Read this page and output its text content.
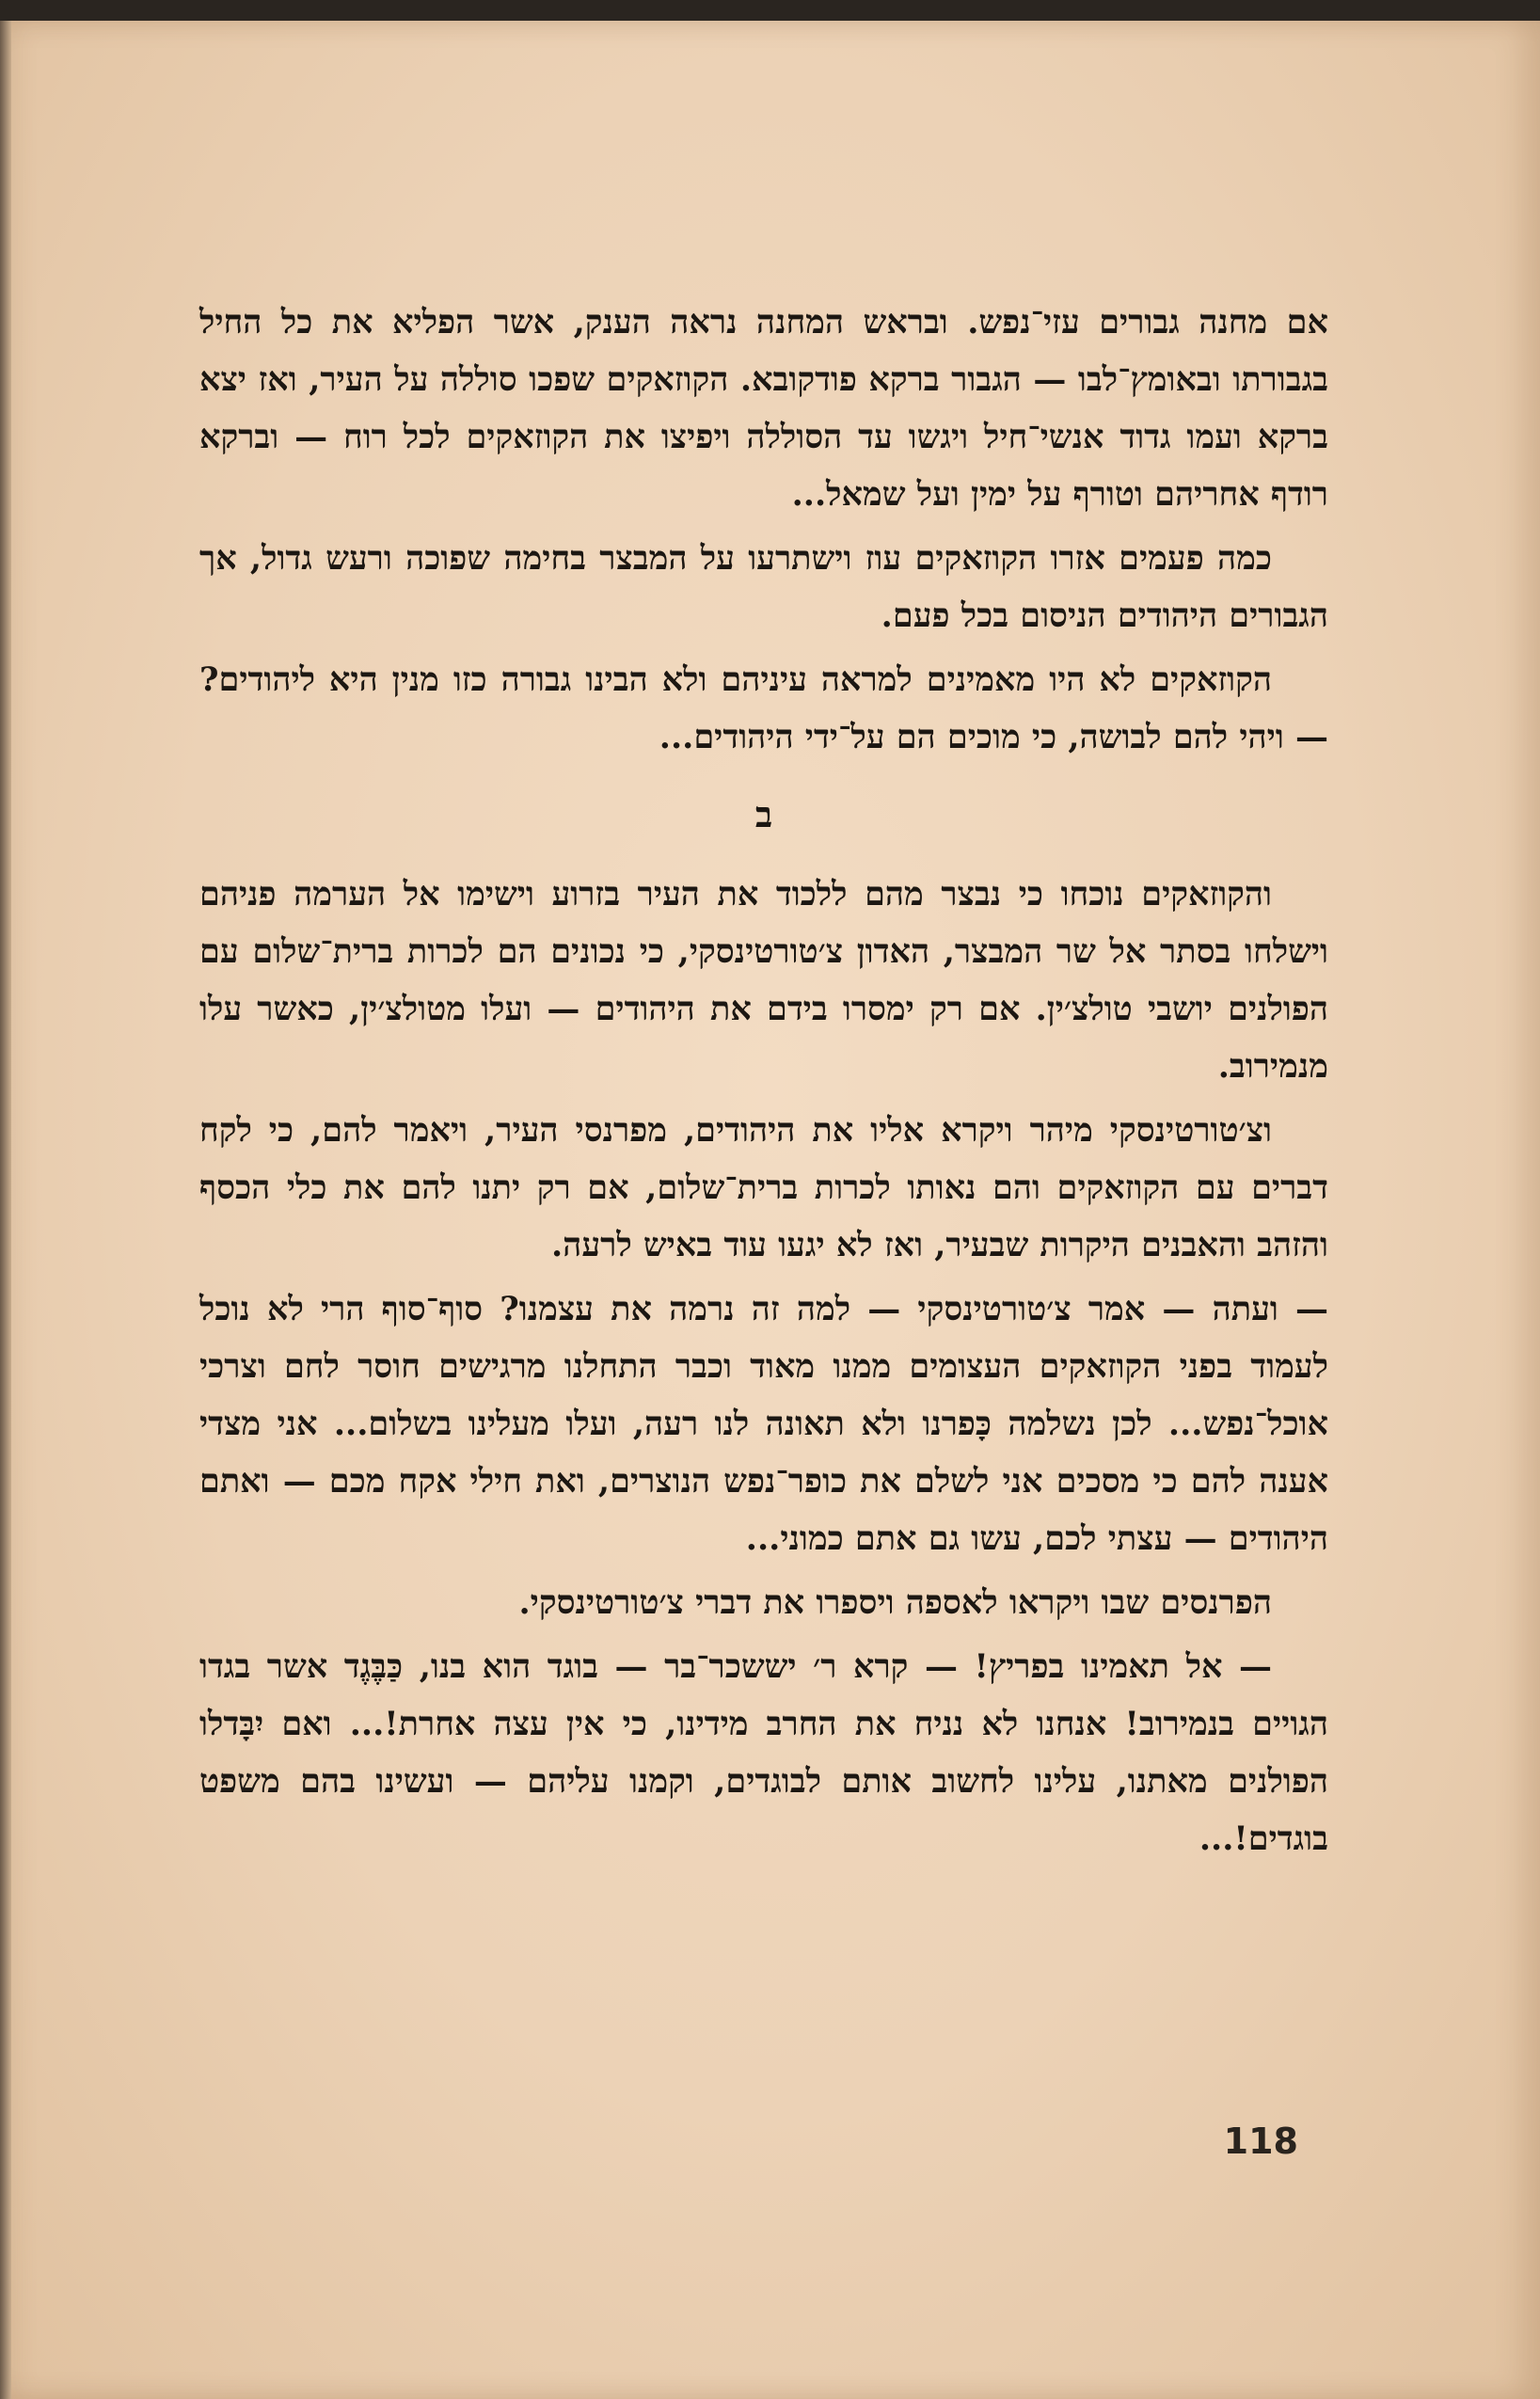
אם מחנה גבורים עזי־נפש. ובראש המחנה נראה הענק, אשר הפליא את כל החיל בגבורתו ובאומץ־לבו — הגבור ברקא פודקובא. הקוזאקים שפכו סוללה על העיר, ואז יצא ברקא ועמו גדוד אנשי־חיל ויגשו עד הסוללה ויפיצו את הקוזאקים לכל רוח — וברקא רודף אחריהם וטורף על ימין ועל שמאל...

כמה פעמים אזרו הקוזאקים עוז וישתרעו על המבצר בחימה שפוכה ורעש גדול, אך הגבורים היהודים הניסום בכל פעם.

הקוזאקים לא היו מאמינים למראה עיניהם ולא הבינו גבורה כזו מנין היא ליהודים? — ויהי להם לבושה, כי מוכים הם על־ידי היהודים...

ב

והקוזאקים נוכחו כי נבצר מהם ללכוד את העיר בזרוע וישימו אל הערמה פניהם וישלחו בסתר אל שר המבצר, האדון צ׳טורטינסקי, כי נכונים הם לכרות ברית־שלום עם הפולנים יושבי טולצ׳ין. אם רק ימסרו בידם את היהודים — ועלו מטולצ׳ין, כאשר עלו מנמירוב.

וצ׳טורטינסקי מיהר ויקרא אליו את היהודים, מפרנסי העיר, ויאמר להם, כי לקח דברים עם הקוזאקים והם נאותו לכרות ברית־שלום, אם רק יתנו להם את כלי הכסף והזהב והאבנים היקרות שבעיר, ואז לא יגעו עוד באיש לרעה.

— ועתה — אמר צ׳טורטינסקי — למה זה נרמה את עצמנו? סוף־סוף הרי לא נוכל לעמוד בפני הקוזאקים העצומים ממנו מאוד וכבר התחלנו מרגישים חוסר לחם וצרכי אוכל־נפש... לכן נשלמה כָּפרנו ולא תאונה לנו רעה, ועלו מעלינו בשלום... אני מצדי אענה להם כי מסכים אני לשלם את כופר־נפש הנוצרים, ואת חילי אקח מכם — ואתם היהודים — עצתי לכם, עשו גם אתם כמוני...

הפרנסים שבו ויקראו לאספה ויספרו את דברי צ׳טורטינסקי.

— אל תאמינו בפריץ! — קרא ר׳ יששכר־בר — בוגד הוא בנו, כַּבֶּגֶד אשר בגדו הגויים בנמירוב! אנחנו לא נניח את החרב מידינו, כי אין עצה אחרת!... ואם יִבָּדלו הפולנים מאתנו, עלינו לחשוב אותם לבוגדים, וקמנו עליהם — ועשינו בהם משפט בוגדים!...

118
